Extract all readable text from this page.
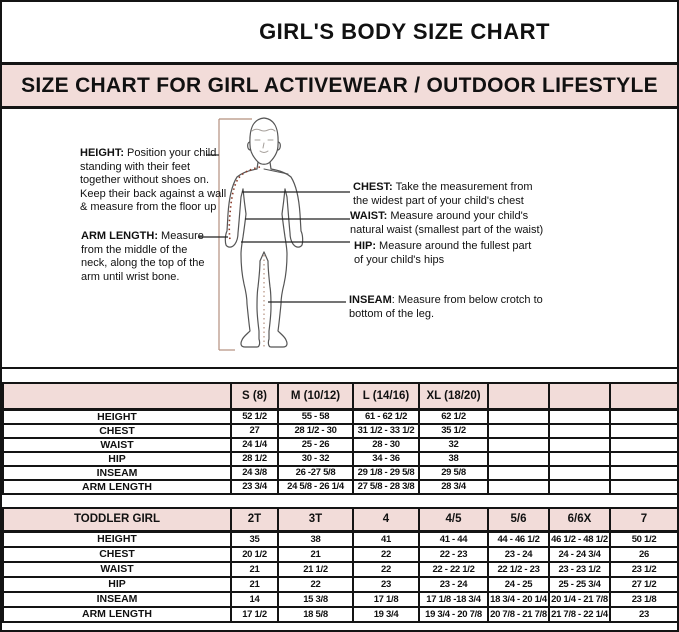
GIRL'S BODY SIZE CHART
SIZE CHART FOR GIRL ACTIVEWEAR / OUTDOOR LIFESTYLE
HEIGHT: Position your child
standing with their feet
together without shoes on.
Keep their back against a wall
& measure from the floor up
ARM LENGTH: Measure
from the middle of the
neck, along the top of the
arm until wrist bone.
CHEST: Take the measurement from
the widest part of your child's chest
WAIST: Measure around your child's
natural waist (smallest part of the waist)
HIP: Measure around the fullest part
of your child's hips
INSEAM: Measure from below crotch to
bottom of the leg.
	S (8)	M (10/12)	L (14/16)	XL (18/20)			
HEIGHT	52 1/2	55 - 58	61 - 62 1/2	62 1/2			
CHEST	27	28 1/2 - 30	31 1/2 - 33 1/2	35 1/2			
WAIST	24 1/4	25 - 26	28 - 30	32			
HIP	28 1/2	30 - 32	34 - 36	38			
INSEAM	24 3/8	26 -27 5/8	29 1/8 - 29 5/8	29 5/8			
ARM LENGTH	23 3/4	24 5/8 - 26 1/4	27 5/8 - 28 3/8	28 3/4			
TODDLER GIRL	2T	3T	4	4/5	5/6	6/6X	7
HEIGHT	35	38	41	41 - 44	44 - 46 1/2	46 1/2 - 48 1/2	50 1/2
CHEST	20 1/2	21	22	22 - 23	23 - 24	24 - 24 3/4	26
WAIST	21	21 1/2	22	22 - 22 1/2	22 1/2 - 23	23 - 23 1/2	23 1/2
HIP	21	22	23	23 - 24	24 - 25	25 - 25 3/4	27 1/2
INSEAM	14	15 3/8	17 1/8	17 1/8 -18 3/4	18 3/4 - 20 1/4	20 1/4 - 21 7/8	23 1/8
ARM LENGTH	17 1/2	18 5/8	19 3/4	19 3/4 - 20 7/8	20 7/8 - 21 7/8	21 7/8 - 22 1/4	23
